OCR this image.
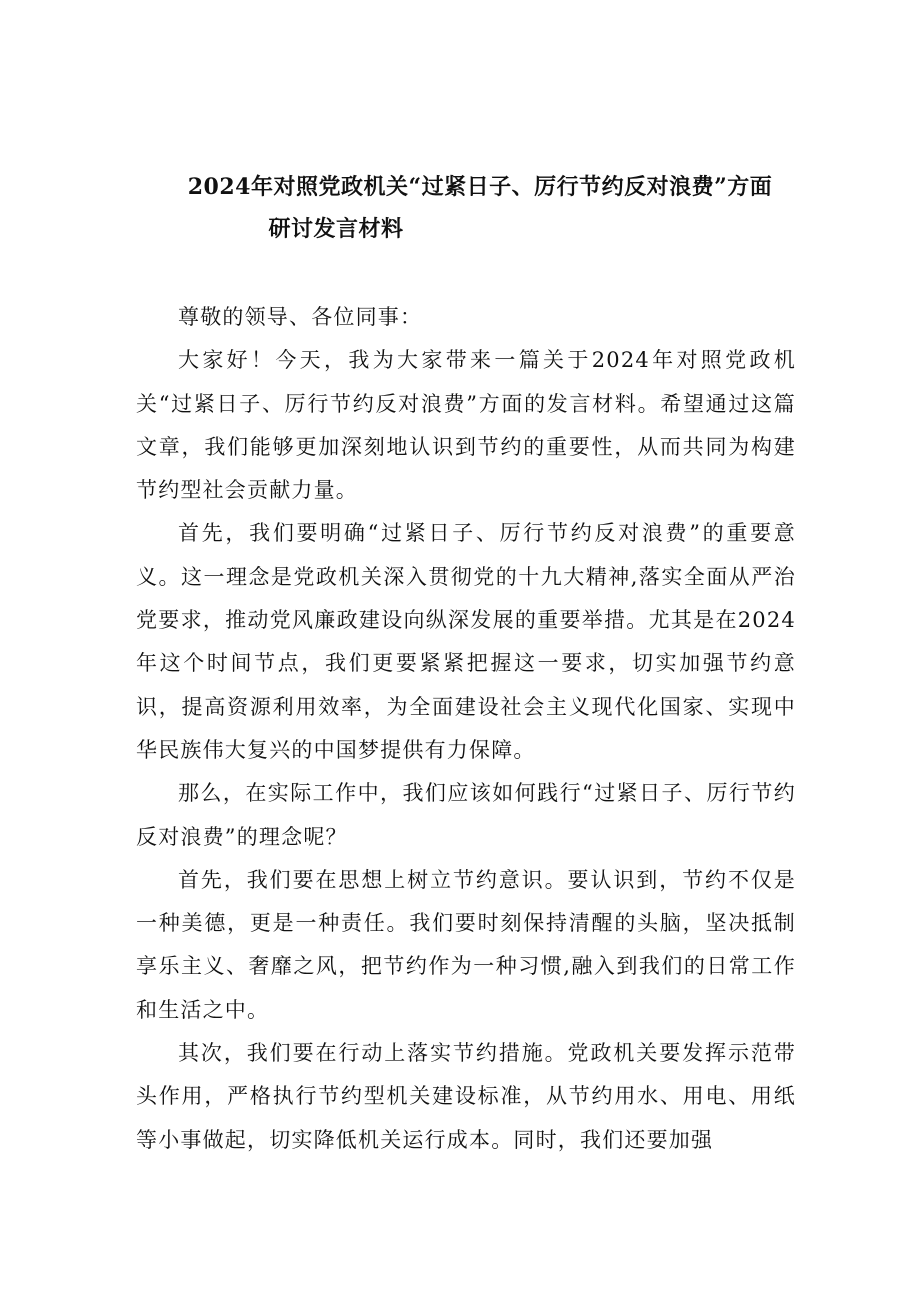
2024年对照党政机关“过紧日子、厉行节约反对浪费”方面
研讨发言材料

尊敬的领导、各位同事：

大家好！今天，我为大家带来一篇关于2024年对照党政机关“过紧日子、厉行节约反对浪费”方面的发言材料。希望通过这篇文章，我们能够更加深刻地认识到节约的重要性，从而共同为构建节约型社会贡献力量。

首先，我们要明确“过紧日子、厉行节约反对浪费”的重要意义。这一理念是党政机关深入贯彻党的十九大精神,落实全面从严治党要求，推动党风廉政建设向纵深发展的重要举措。尤其是在2024年这个时间节点，我们更要紧紧把握这一要求，切实加强节约意识，提高资源利用效率，为全面建设社会主义现代化国家、实现中华民族伟大复兴的中国梦提供有力保障。

那么，在实际工作中，我们应该如何践行“过紧日子、厉行节约反对浪费”的理念呢？

首先，我们要在思想上树立节约意识。要认识到，节约不仅是一种美德，更是一种责任。我们要时刻保持清醒的头脑，坚决抵制享乐主义、奢靡之风，把节约作为一种习惯,融入到我们的日常工作和生活之中。

其次，我们要在行动上落实节约措施。党政机关要发挥示范带头作用，严格执行节约型机关建设标准，从节约用水、用电、用纸等小事做起，切实降低机关运行成本。同时，我们还要加强
